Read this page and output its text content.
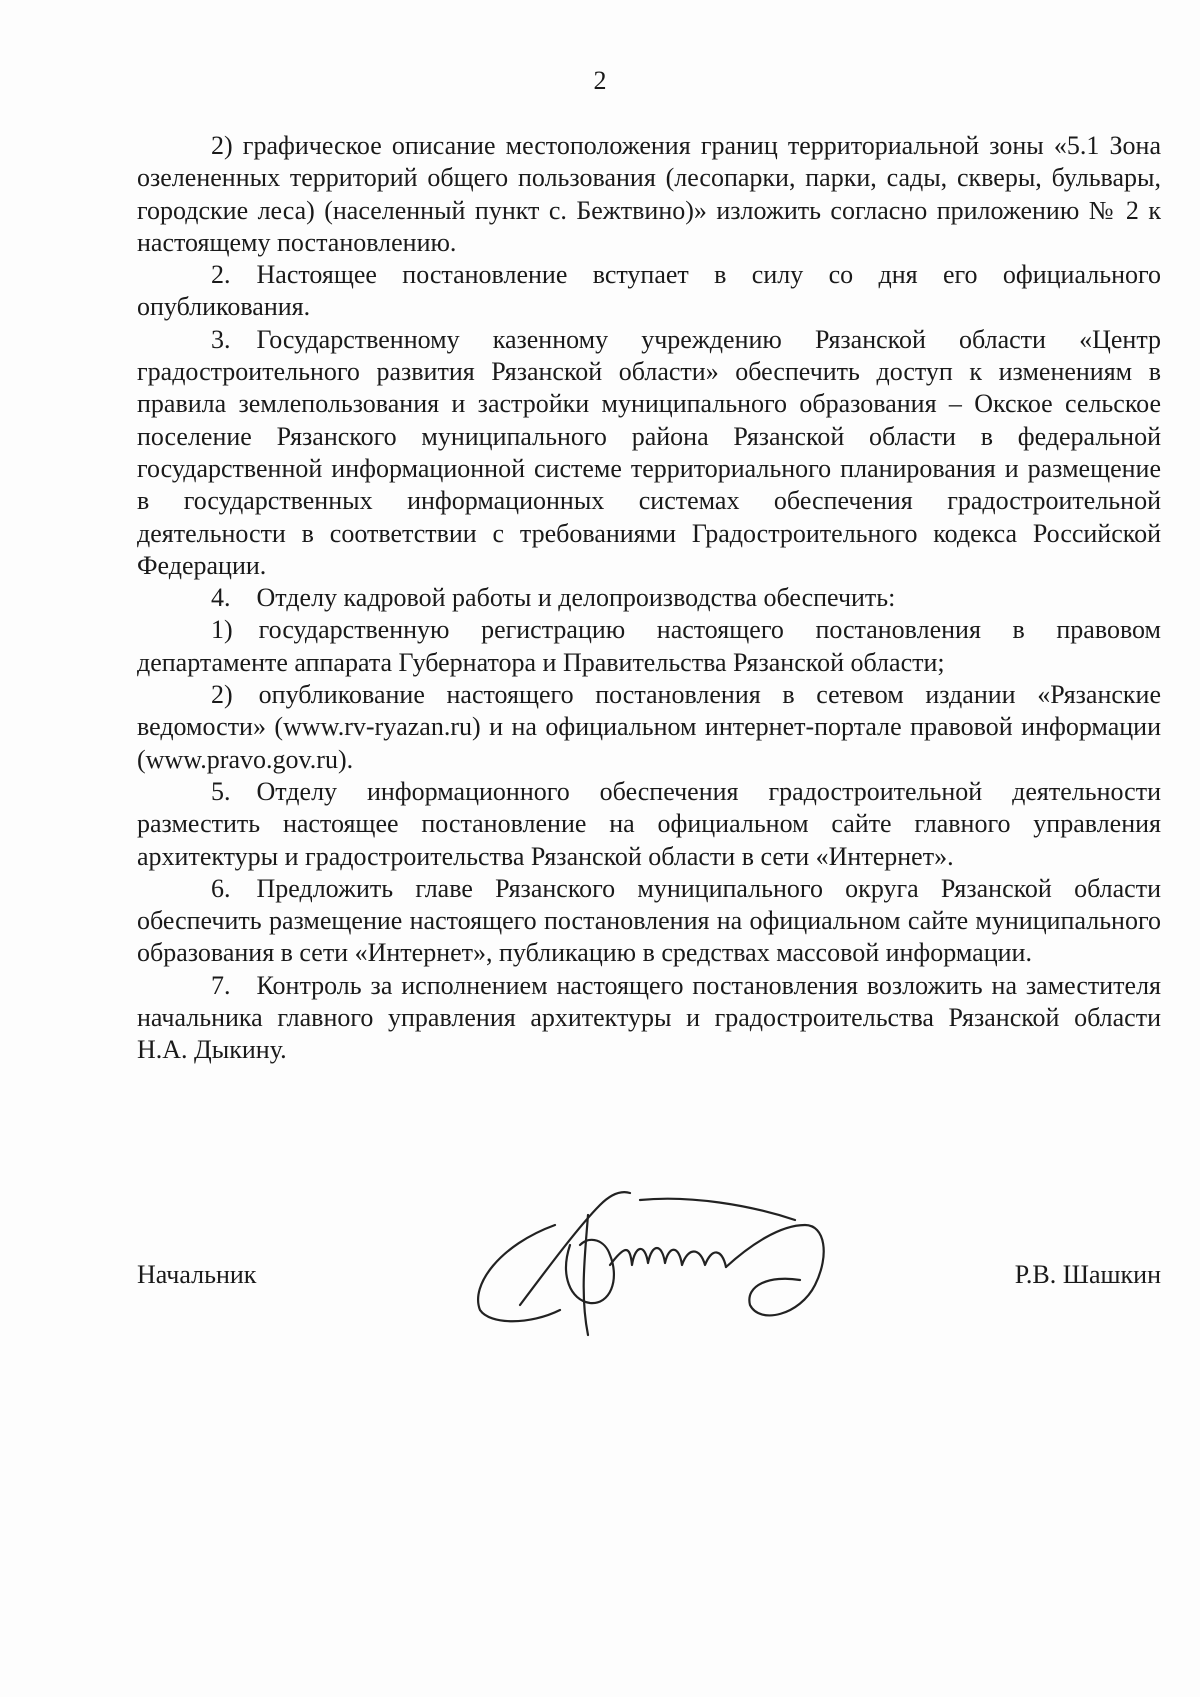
2

2) графическое описание местоположения границ территориальной зоны «5.1 Зона озелененных территорий общего пользования (лесопарки, парки, сады, скверы, бульвары, городские леса) (населенный пункт с. Бежтвино)» изложить согласно приложению № 2 к настоящему постановлению.

2. Настоящее постановление вступает в силу со дня его официального опубликования.

3. Государственному казенному учреждению Рязанской области «Центр градостроительного развития Рязанской области» обеспечить доступ к изменениям в правила землепользования и застройки муниципального образования – Окское сельское поселение Рязанского муниципального района Рязанской области в федеральной государственной информационной системе территориального планирования и размещение в государственных информационных системах обеспечения градостроительной деятельности в соответствии с требованиями Градостроительного кодекса Российской Федерации.

4. Отделу кадровой работы и делопроизводства обеспечить:

1) государственную регистрацию настоящего постановления в правовом департаменте аппарата Губернатора и Правительства Рязанской области;

2) опубликование настоящего постановления в сетевом издании «Рязанские ведомости» (www.rv-ryazan.ru) и на официальном интернет-портале правовой информации (www.pravo.gov.ru).

5. Отделу информационного обеспечения градостроительной деятельности разместить настоящее постановление на официальном сайте главного управления архитектуры и градостроительства Рязанской области в сети «Интернет».

6. Предложить главе Рязанского муниципального округа Рязанской области обеспечить размещение настоящего постановления на официальном сайте муниципального образования в сети «Интернет», публикацию в средствах массовой информации.

7. Контроль за исполнением настоящего постановления возложить на заместителя начальника главного управления архитектуры и градостроительства Рязанской области Н.А. Дыкину.

Начальник	Р.В. Шашкин
